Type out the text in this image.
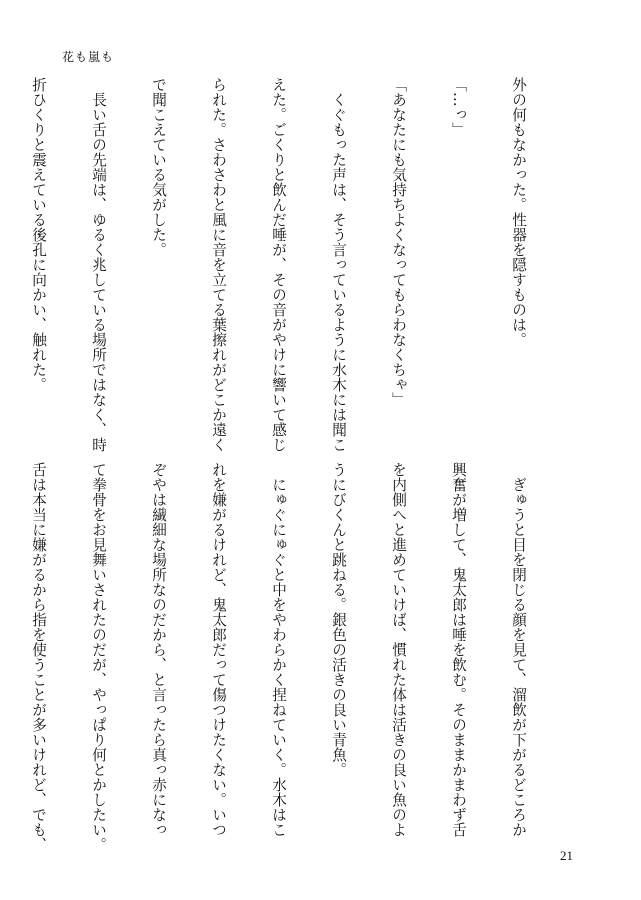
花も嵐も

外の何もなかった。性器を隠すものは。

「…っ」

「あなたにも気持ちよくなってもらわなくちゃ」

　くぐもった声は、そう言っているように水木には聞こ

えた。ごくりと飲んだ唾が、その音がやけに響いて感じ

られた。さわさわと風に音を立てる葉擦れがどこか遠く

で聞こえている気がした。

　長い舌の先端は、ゆるく兆している場所ではなく、時

折ひくりと震えている後孔に向かい、触れた。

　ぎゅうと目を閉じる顔を見て、溜飲が下がるどころか

興奮が増して、鬼太郎は唾を飲む。そのままかまわず舌

を内側へと進めていけば、慣れた体は活きの良い魚のよ

うにびくんと跳ねる。銀色の活きの良い青魚。

　にゅぐにゅぐと中をやわらかく捏ねていく。水木はこ

れを嫌がるけれど、鬼太郎だって傷つけたくない。いつ

ぞやは繊細な場所なのだから、と言ったら真っ赤になっ

て拳骨をお見舞いされたのだが、やっぱり何とかしたい。

舌は本当に嫌がるから指を使うことが多いけれど、でも、

21
